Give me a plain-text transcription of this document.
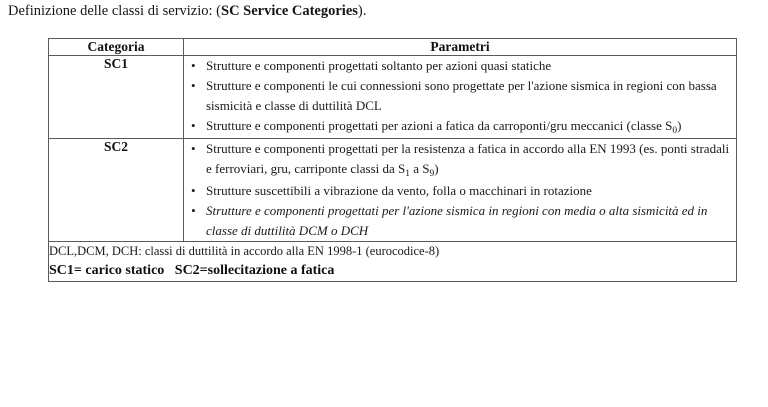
Definizione delle classi di servizio: (SC Service Categories).
Categoria	Parametri
SC1	
•Strutture e componenti progettati soltanto per azioni quasi statiche
• Strutture e componenti le cui connessioni sono progettate per l'azione sismica in regioni con bassa sismicità e classe di duttilità DCL
• Strutture e componenti progettati per azioni a fatica da carroponti/gru meccanici (classe $S_0$)

SC2	
•Strutture e componenti progettati per la resistenza a fatica in accordo alla EN 1993 (es. ponti stradali e ferroviari, gru, carriponte classi da $S_1$ a $S_9$)
• Strutture suscettibili a vibrazione da vento, folla o macchinari in rotazione
• Strutture e componenti progettati per l'azione sismica in regioni con media o alta sismicità ed in classe di duttilità DCM o DCH

DCL,DCM, DCH: classi di duttilità in accordo alla EN 1998-1 (eurocodice-8)
SC1= carico statico   SC2=sollecitazione a fatica	
